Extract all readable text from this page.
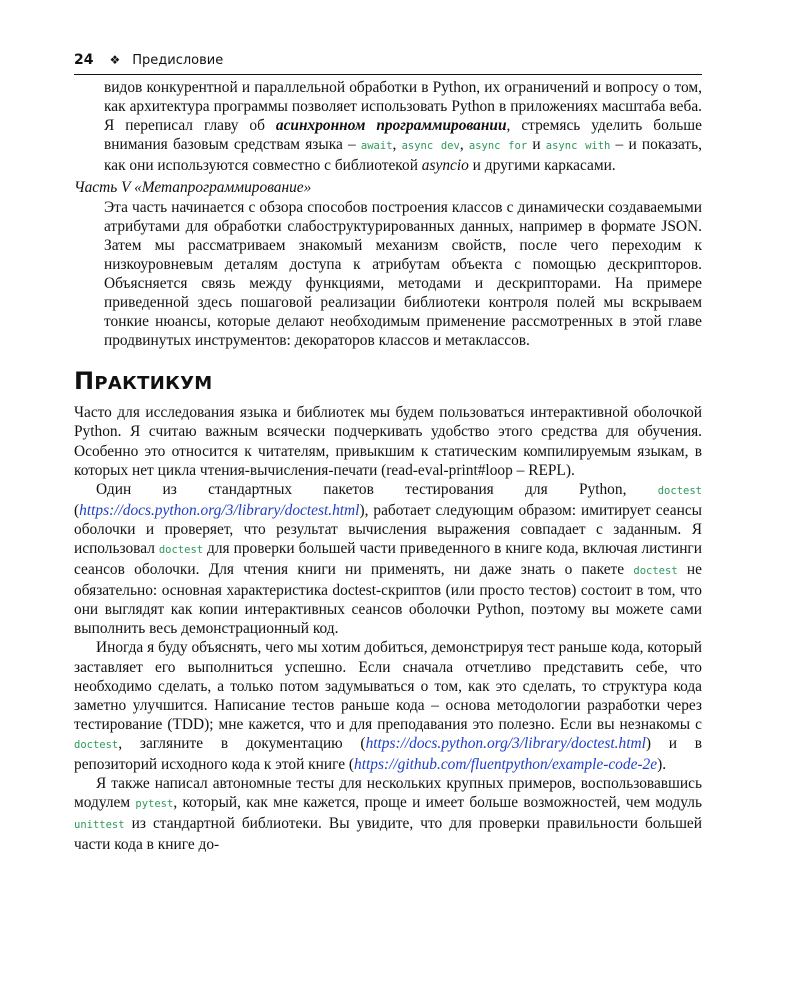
24 ❖ Предисловие

видов конкурентной и параллельной обработки в Python, их ограничений и вопросу о том, как архитектура программы позволяет использовать Python в приложениях масштаба веба. Я переписал главу об асинхронном программировании, стремясь уделить больше внимания базовым средствам языка – await, async dev, async for и async with – и показать, как они используются совместно с библиотекой asyncio и другими каркасами.

Часть V «Метапрограммирование»

Эта часть начинается с обзора способов построения классов с динамически создаваемыми атрибутами для обработки слабоструктурированных данных, например в формате JSON. Затем мы рассматриваем знакомый механизм свойств, после чего переходим к низкоуровневым деталям доступа к атрибутам объекта с помощью дескрипторов. Объясняется связь между функциями, методами и дескрипторами. На примере приведенной здесь пошаговой реализации библиотеки контроля полей мы вскрываем тонкие нюансы, которые делают необходимым применение рассмотренных в этой главе продвинутых инструментов: декораторов классов и метаклассов.

ПРАКТИКУМ

Часто для исследования языка и библиотек мы будем пользоваться интерактивной оболочкой Python. Я считаю важным всячески подчеркивать удобство этого средства для обучения. Особенно это относится к читателям, привыкшим к статическим компилируемым языкам, в которых нет цикла чтения-вычисления-печати (read-eval-print#loop – REPL).

Один из стандартных пакетов тестирования для Python, doctest (https://docs.python.org/3/library/doctest.html), работает следующим образом: имитирует сеансы оболочки и проверяет, что результат вычисления выражения совпадает с заданным. Я использовал doctest для проверки большей части приведенного в книге кода, включая листинги сеансов оболочки. Для чтения книги ни применять, ни даже знать о пакете doctest не обязательно: основная характеристика doctest-скриптов (или просто тестов) состоит в том, что они выглядят как копии интерактивных сеансов оболочки Python, поэтому вы можете сами выполнить весь демонстрационный код.

Иногда я буду объяснять, чего мы хотим добиться, демонстрируя тест раньше кода, который заставляет его выполниться успешно. Если сначала отчетливо представить себе, что необходимо сделать, а только потом задумываться о том, как это сделать, то структура кода заметно улучшится. Написание тестов раньше кода – основа методологии разработки через тестирование (TDD); мне кажется, что и для преподавания это полезно. Если вы незнакомы с doctest, загляните в документацию (https://docs.python.org/3/library/doctest.html) и в репозиторий исходного кода к этой книге (https://github.com/fluentpython/example-code-2e).

Я также написал автономные тесты для нескольких крупных примеров, воспользовавшись модулем pytest, который, как мне кажется, проще и имеет больше возможностей, чем модуль unittest из стандартной библиотеки. Вы увидите, что для проверки правильности большей части кода в книге до-
